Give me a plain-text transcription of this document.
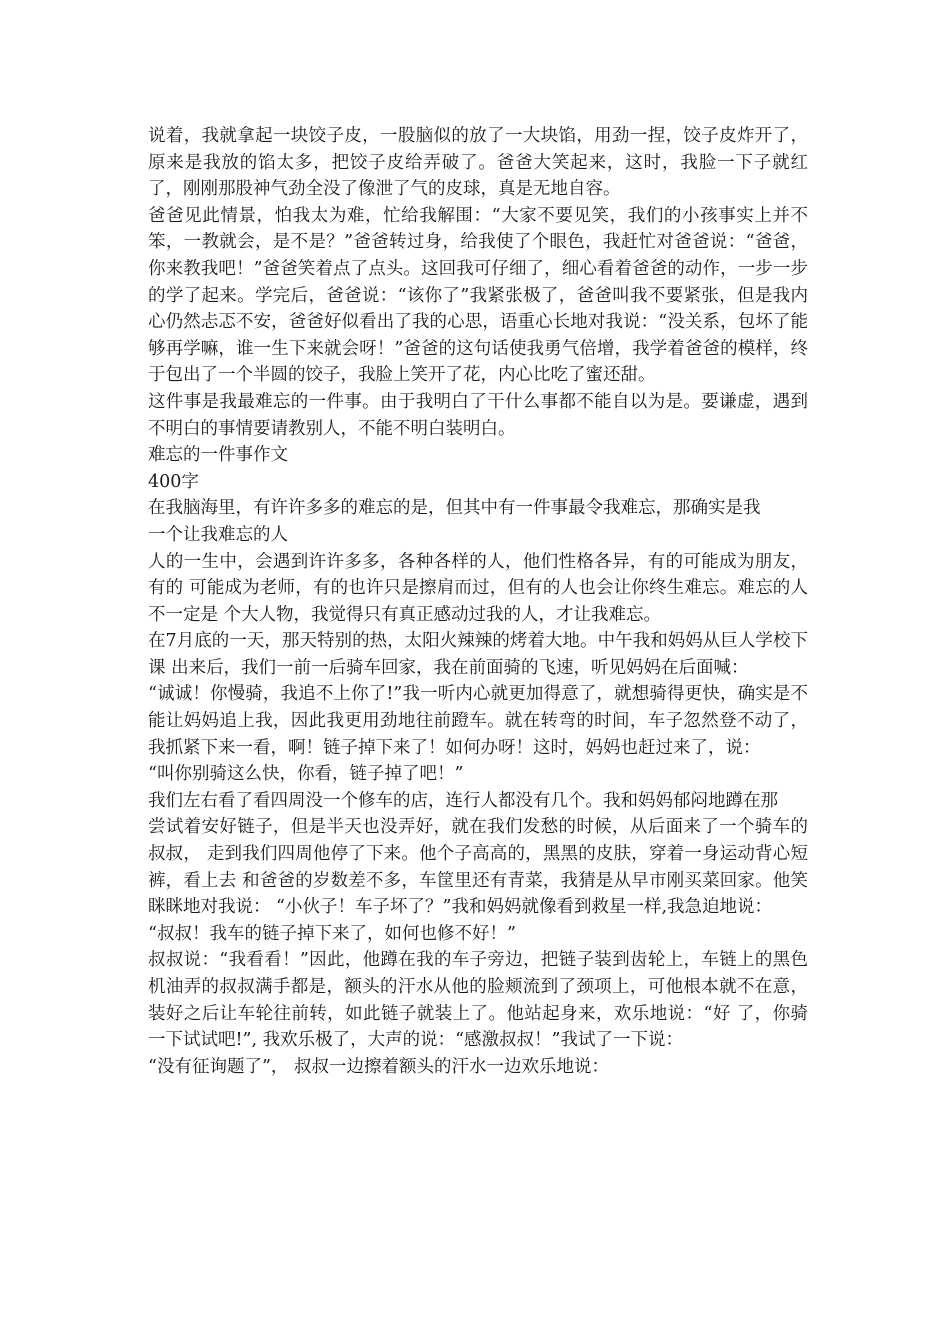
说着，我就拿起一块饺子皮，一股脑似的放了一大块馅，用劲一捏，饺子皮炸开了，原来是我放的馅太多，把饺子皮给弄破了。爸爸大笑起来，这时，我脸一下子就红了，刚刚那股神气劲全没了像泄了气的皮球，真是无地自容。

爸爸见此情景，怕我太为难，忙给我解围：“大家不要见笑，我们的小孩事实上并不笨，一教就会，是不是？”爸爸转过身，给我使了个眼色，我赶忙对爸爸说：“爸爸，你来教我吧！”爸爸笑着点了点头。这回我可仔细了，细心看着爸爸的动作，一步一步的学了起来。学完后，爸爸说：“该你了”我紧张极了，爸爸叫我不要紧张，但是我内心仍然忐忑不安，爸爸好似看出了我的心思，语重心长地对我说：“没关系，包坏了能够再学嘛，谁一生下来就会呀！”爸爸的这句话使我勇气倍增，我学着爸爸的模样，终于包出了一个半圆的饺子，我脸上笑开了花，内心比吃了蜜还甜。

这件事是我最难忘的一件事。由于我明白了干什么事都不能自以为是。要谦虚，遇到不明白的事情要请教别人，不能不明白装明白。

难忘的一件事作文

400字

在我脑海里，有许许多多的难忘的是，但其中有一件事最令我难忘，那确实是我

一个让我难忘的人

人的一生中，会遇到许许多多，各种各样的人，他们性格各异，有的可能成为朋友，有的 可能成为老师，有的也许只是擦肩而过，但有的人也会让你终生难忘。难忘的人不一定是 个大人物，我觉得只有真正感动过我的人，才让我难忘。

在7月底的一天，那天特别的热，太阳火辣辣的烤着大地。中午我和妈妈从巨人学校下课 出来后，我们一前一后骑车回家，我在前面骑的飞速，听见妈妈在后面喊：

“诚诚！你慢骑，我追不上你了!”我一听内心就更加得意了，就想骑得更快，确实是不能让妈妈追上我，因此我更用劲地往前蹬车。就在转弯的时间，车子忽然登不动了，我抓紧下来一看，啊！链子掉下来了！如何办呀！这时，妈妈也赶过来了，说：

“叫你别骑这么快，你看，链子掉了吧！”

我们左右看了看四周没一个修车的店，连行人都没有几个。我和妈妈郁闷地蹲在那

尝试着安好链子，但是半天也没弄好，就在我们发愁的时候，从后面来了一个骑车的叔叔， 走到我们四周他停了下来。他个子高高的，黑黑的皮肤，穿着一身运动背心短裤，看上去 和爸爸的岁数差不多，车筐里还有青菜，我猜是从早市刚买菜回家。他笑眯眯地对我说： “小伙子！车子坏了？”我和妈妈就像看到救星一样,我急迫地说：

“叔叔！我车的链子掉下来了，如何也修不好！”

叔叔说：“我看看！”因此，他蹲在我的车子旁边，把链子装到齿轮上，车链上的黑色机油弄的叔叔满手都是，额头的汗水从他的脸颊流到了颈项上，可他根本就不在意，装好之后让车轮往前转，如此链子就装上了。他站起身来，欢乐地说：“好 了，你骑一下试试吧!”, 我欢乐极了，大声的说：“感激叔叔！”我试了一下说：

“没有征询题了”， 叔叔一边擦着额头的汗水一边欢乐地说：
